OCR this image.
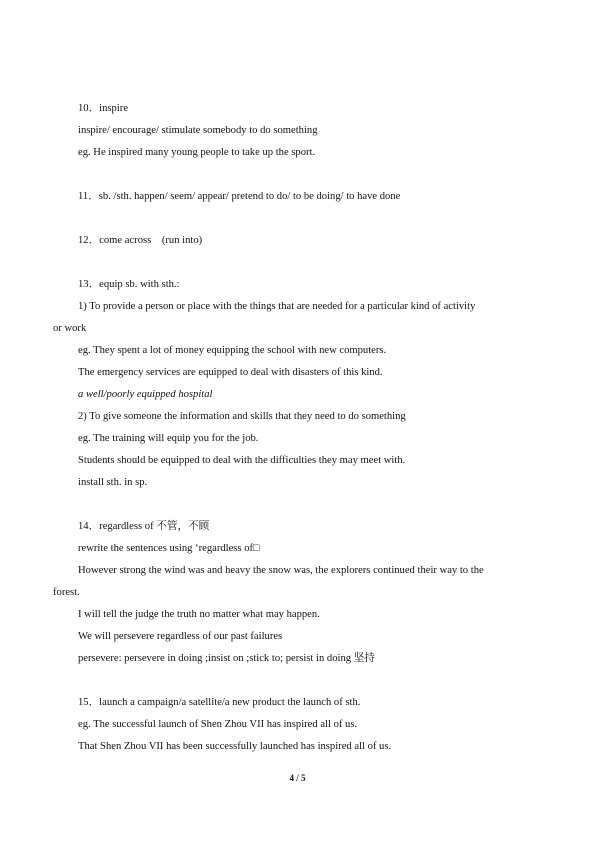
10．inspire
inspire/ encourage/ stimulate somebody to do something
eg. He inspired many young people to take up the sport.
11．sb. /sth. happen/ seem/ appear/ pretend to do/ to be doing/ to have done
12．come across　(run into)
13．equip sb. with sth.:
1) To provide a person or place with the things that are needed for a particular kind of activity
or work
eg. They spent a lot of money equipping the school with new computers.
The emergency services are equipped to deal with disasters of this kind.
a well/poorly equipped hospital
2) To give someone the information and skills that they need to do something
eg. The training will equip you for the job.
Students should be equipped to deal with the difficulties they may meet with.
install sth. in sp.
14．regardless of 不管，不顾
rewrite the sentences using ‘regardless of□
However strong the wind was and heavy the snow was, the explorers continued their way to the
forest.
I will tell the judge the truth no matter what may happen.
We will persevere regardless of our past failures
persevere: persevere in doing ;insist on ;stick to; persist in doing 坚持
15．launch a campaign/a satellite/a new product the launch of sth.
eg. The successful launch of Shen Zhou VII has inspired all of us.
That Shen Zhou VII has been successfully launched has inspired all of us.
4 / 5
